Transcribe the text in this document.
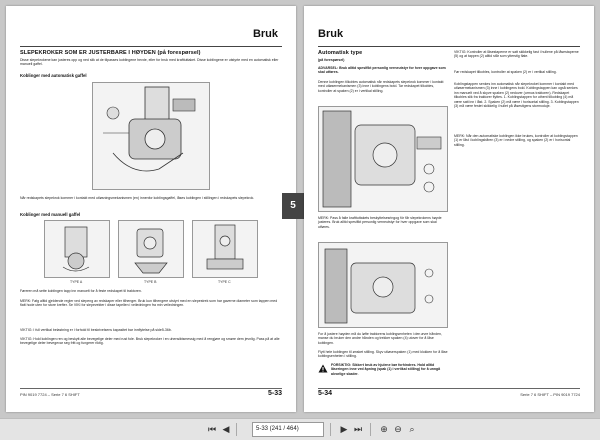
Bruk
SLEPEKROKER SOM ER JUSTERBARE I HØYDEN (på forespørsel)
Disse slepekrokene kan justeres opp og ned slik at de tilpasses koblingene hevde, eller for bruk med krafttuttaket. Disse koblingene er utstyrte med en automatisk eller manuell gaffel.
Koblinger med automatisk gaffel
Når redskapets slepekrok kommer i kontakt med utløsningsmekanismen (en) innenfor koblingsgaffel, låses koblingen i stillingen i redskapets slepekrok.
Koblinger med manuell gaffel
TYPE A	TYPE B	TYPE C
Føreren må sette koblingen tapp inn manuelt for å feste redskapet til traktoren.
MERK: Følg alltid gjeldende regler ved slepeng av redskaper eller tilhenger. Bruk kun tilhengere utstyrt med en slepestrek som har gaverne diameter som tappen med flatt hode uten for store krefter. Se VIKI for slepevekter i disse tapellen i veiledningen fra min veiledningen.
VIKTIG: I full vertikal belastning er i forhold til beskrivelsens kapasitet bar innflytelse på side5-36b.
VIKTIG: Hold koblingen ren og beskytt alle bevegelige deler med rust fole. Bruk slepekroker i en uhensiktsmessig med å rengjøre og smøre dem jevnlig. Pass på at alle bevegelige deler bevegevar seg fritt og fungerer riktig.
PIN 9019 7724 – Serie 7 6 SHIFT	5-33
5
Bruk
Automatisk type
(på forespørsel)
VIKTIG: Kontroller at låsestaperne er satt skikkelig fast i hullene på låsestaperne (5) og at tappen (2) alltid står som ytterstig flate.
ADVARSEL: Bruk alltid spesifikt personlig verneutstyr for hver oppgave som skal utføres.
Denne koblingen tilkobles automatisk når redskapets slepekrok kommer i kontakt med utløsermekanismen (3) inne i koblingens botd. Tar redskapet tilkobles, kontroller at spaken (2) er i vertikal stilling.
Før redskapet tilkobles, kontroller at spaken (2) er i vertikal stilling.
Koblingstappen senkes inn automatisk når slepekroket kommer i kontakt med utløsermekanismen (3) inne i koblingens bold. Koblingstappen kan også senkes inn manuelt ved å skyve spaken (2) nedover (urmus traktoren). Redskapet tilkobles slik fra traktorer flyttes. 1. Koblingstappen for uthent tilkobling (4) må være satt inn i låst. 2. Spaken (2) må være i horisontal stilling. 3. Koblingstappen (3) må være festet skikkelig i hullet på låsestigens stormoduje.
MERK: Når den automatiske koblingen ikke brukes, kontroller at koblingstappen (1) er låst i koblingsbåren (3) er i nedre stilling, og spaken (2) er i horisontal stilling.
MERK: Pass å falle krafttuttakets beskyttelsesringog fôr får slepekrokens høyde justeres. Bruk alltid spesifikt personlig verneutstyr for hver oppgave som skal utføres.
For å justere høyden må du løfte traktorens koblingsenheten i den øvre hånden, manse du bruker den andre hånden og trekker spaken (4) utover for å låse koblingen.
Flytt hele koblingen til ønsket stilling. Skyv utløserspaken (1) med klokken for å låse koblingsenheten i stilling.
FORSIKTIG: Sikkert bruk av hjulene bør forhindres. Hold alltid låseringen inne ved åpning (spak (1) i vertikal stilling) for å unngå alvorlige skader.
Serie 7 6 SHIFT – PIN 9019 7724
5-34
⏮ ◀	5-33 (241 / 464)	▶ ⏭ ⊕ ⊖ ⌕
